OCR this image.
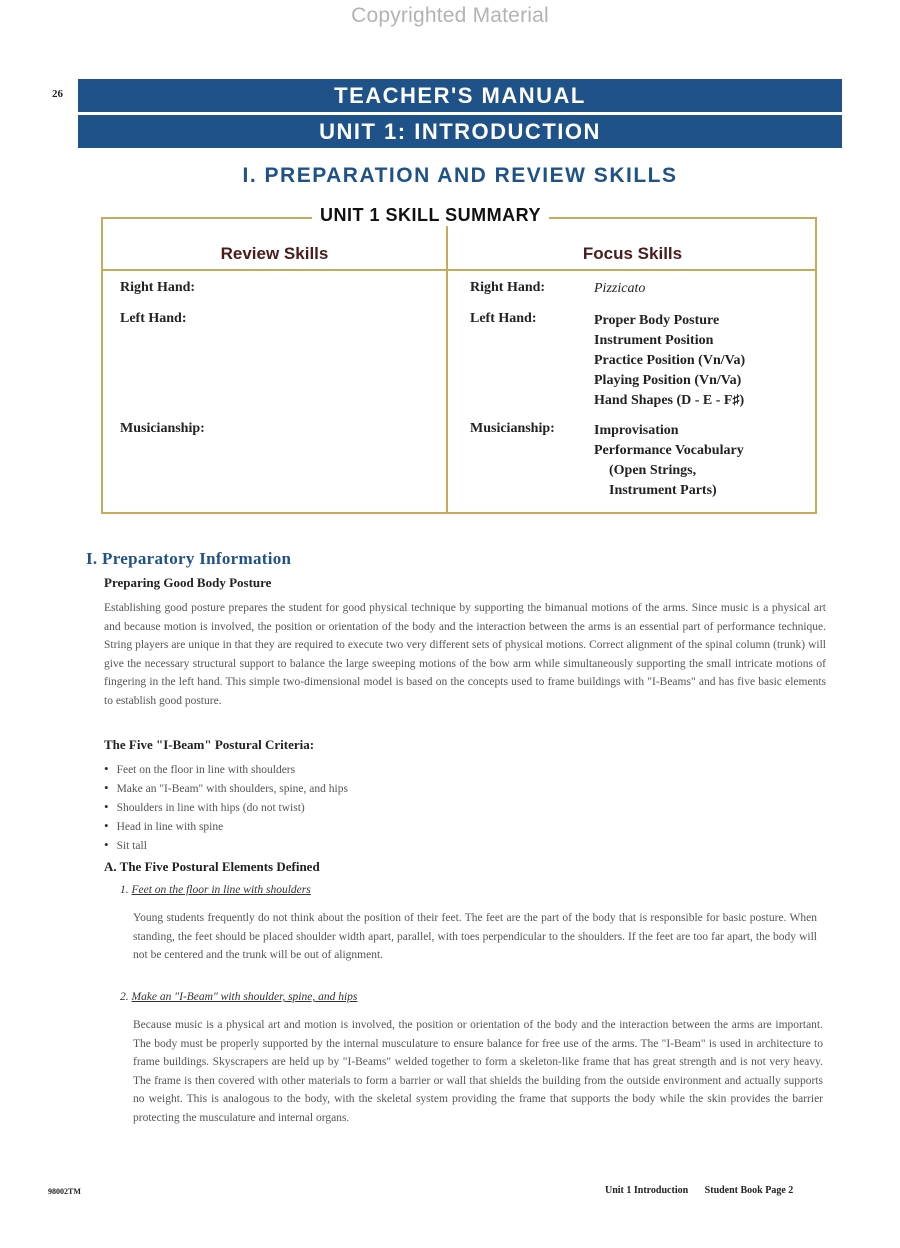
Copyrighted Material
26	TEACHER'S MANUAL
UNIT 1: INTRODUCTION
I. PREPARATION AND REVIEW SKILLS
UNIT 1 SKILL SUMMARY
Review Skills	Focus Skills
Right Hand:
Left Hand:
Musicianship:
Right Hand:	Pizzicato
Left Hand:	Proper Body Posture
Instrument Position
Practice Position (Vn/Va)
Playing Position (Vn/Va)
Hand Shapes (D - E - F♯)
Musicianship:	Improvisation
Performance Vocabulary
(Open Strings,
Instrument Parts)
I. Preparatory Information
Preparing Good Body Posture
Establishing good posture prepares the student for good physical technique by supporting the bimanual motions of the arms. Since music is a physical art and because motion is involved, the position or orientation of the body and the interaction between the arms is an essential part of performance technique. String players are unique in that they are required to execute two very different sets of physical motions. Correct alignment of the spinal column (trunk) will give the necessary structural support to balance the large sweeping motions of the bow arm while simultaneously supporting the small intricate motions of fingering in the left hand. This simple two-dimensional model is based on the concepts used to frame buildings with "I-Beams" and has five basic elements to establish good posture.
The Five "I-Beam" Postural Criteria:
• Feet on the floor in line with shoulders
• Make an "I-Beam" with shoulders, spine, and hips
• Shoulders in line with hips (do not twist)
• Head in line with spine
• Sit tall
A. The Five Postural Elements Defined
1. Feet on the floor in line with shoulders
Young students frequently do not think about the position of their feet. The feet are the part of the body that is responsible for basic posture. When standing, the feet should be placed shoulder width apart, parallel, with toes perpendicular to the shoulders. If the feet are too far apart, the body will not be centered and the trunk will be out of alignment.
2. Make an "I-Beam" with shoulder, spine, and hips
Because music is a physical art and motion is involved, the position or orientation of the body and the interaction between the arms are important. The body must be properly supported by the internal musculature to ensure balance for free use of the arms. The "I-Beam" is used in architecture to frame buildings. Skyscrapers are held up by "I-Beams" welded together to form a skeleton-like frame that has great strength and is not very heavy. The frame is then covered with other materials to form a barrier or wall that shields the building from the outside environment and actually supports no weight. This is analogous to the body, with the skeletal system providing the frame that supports the body while the skin provides the barrier protecting the musculature and internal organs.
98002TM	Unit 1 Introduction Student Book Page 2
